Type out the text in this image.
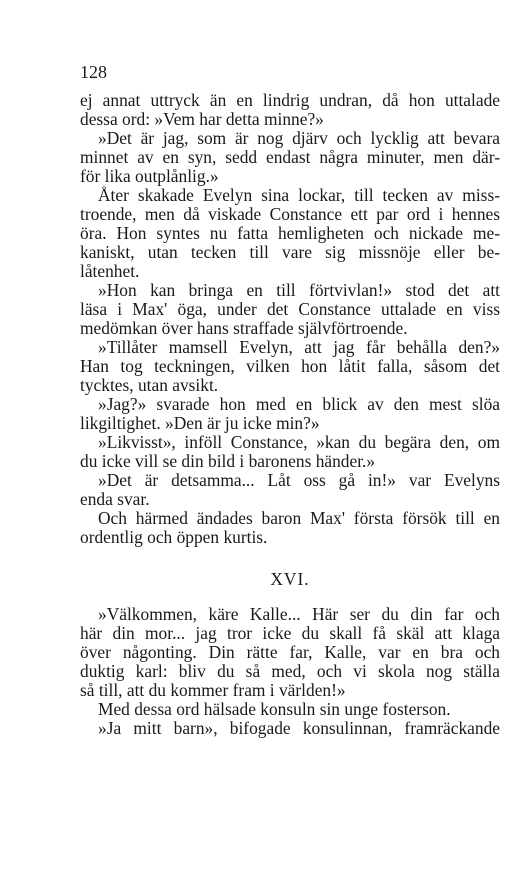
128
ej annat uttryck än en lindrig undran, då hon uttalade
dessa ord: »Vem har detta minne?»
»Det är jag, som är nog djärv och lycklig att bevara
minnet av en syn, sedd endast några minuter, men där-
för lika outplånlig.»
Åter skakade Evelyn sina lockar, till tecken av miss-
troende, men då viskade Constance ett par ord i hennes
öra. Hon syntes nu fatta hemligheten och nickade me-
kaniskt, utan tecken till vare sig missnöje eller be-
låtenhet.
»Hon kan bringa en till förtvivlan!» stod det att
läsa i Max' öga, under det Constance uttalade en viss
medömkan över hans straffade självförtroende.
»Tillåter mamsell Evelyn, att jag får behålla den?»
Han tog teckningen, vilken hon låtit falla, såsom det
tycktes, utan avsikt.
»Jag?» svarade hon med en blick av den mest slöa
likgiltighet. »Den är ju icke min?»
»Likvisst», inföll Constance, »kan du begära den, om
du icke vill se din bild i baronens händer.»
»Det är detsamma... Låt oss gå in!» var Evelyns
enda svar.
Och härmed ändades baron Max' första försök till en
ordentlig och öppen kurtis.
XVI.
»Välkommen, käre Kalle... Här ser du din far och
här din mor... jag tror icke du skall få skäl att klaga
över någonting. Din rätte far, Kalle, var en bra och
duktig karl: bliv du så med, och vi skola nog ställa
så till, att du kommer fram i världen!»
Med dessa ord hälsade konsuln sin unge fosterson.
»Ja mitt barn», bifogade konsulinnan, framräckande
